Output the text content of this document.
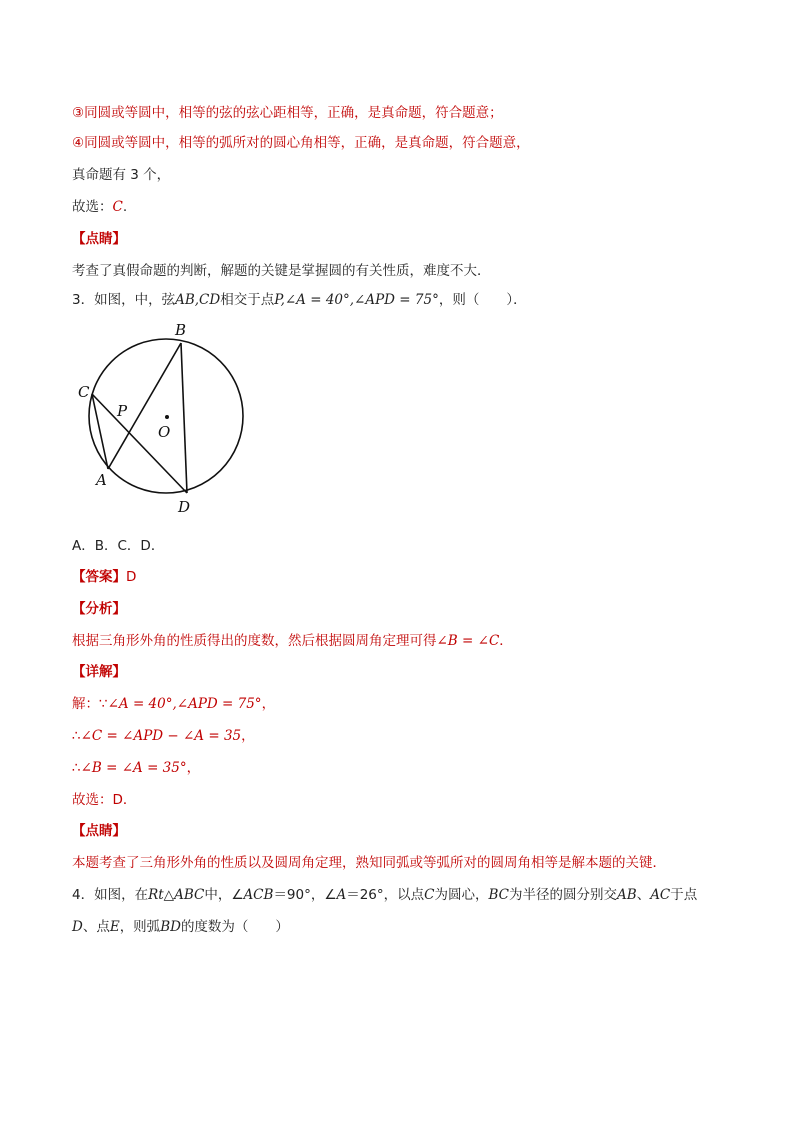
③同圆或等圆中，相等的弦的弦心距相等，正确，是真命题，符合题意；
④同圆或等圆中，相等的弧所对的圆心角相等，正确，是真命题，符合题意，
真命题有 3 个，
故选：C.
【点睛】
考查了真假命题的判断，解题的关键是掌握圆的有关性质，难度不大．
3．如图，中，弦AB,CD相交于点P,∠A = 40°,∠APD = 75°，则（　　）．
B
C
P
O
A
D
A．B．C．D．
【答案】D
【分析】
根据三角形外角的性质得出的度数，然后根据圆周角定理可得∠B = ∠C．
【详解】
解：∵∠A = 40°,∠APD = 75°，
∴∠C = ∠APD − ∠A = 35，
∴∠B = ∠A = 35°，
故选：D．
【点睛】
本题考查了三角形外角的性质以及圆周角定理，熟知同弧或等弧所对的圆周角相等是解本题的关键．
4．如图，在Rt△ABC中，∠ACB＝90°，∠A＝26°，以点C为圆心，BC为半径的圆分别交AB、AC于点
D、点E，则弧BD的度数为（　　）
